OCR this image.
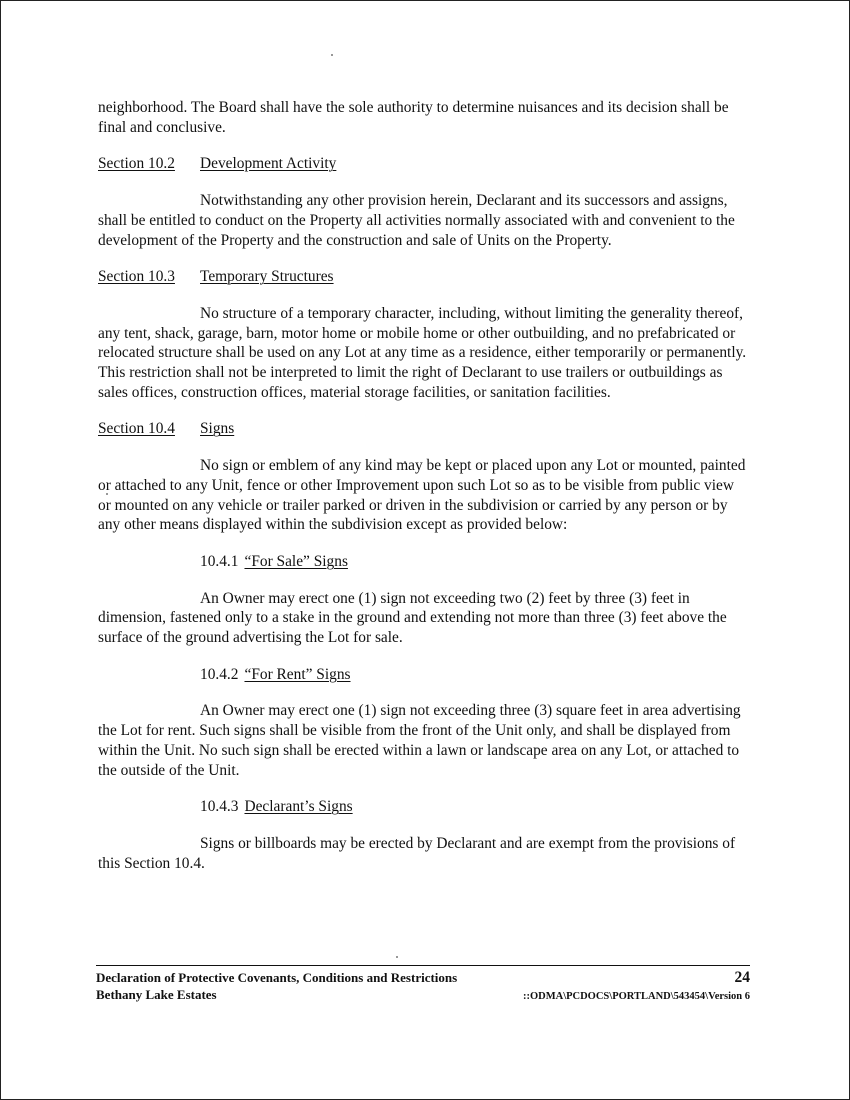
neighborhood. The Board shall have the sole authority to determine nuisances and its decision shall be final and conclusive.

Section 10.2 Development Activity

Notwithstanding any other provision herein, Declarant and its successors and assigns, shall be entitled to conduct on the Property all activities normally associated with and convenient to the development of the Property and the construction and sale of Units on the Property.

Section 10.3 Temporary Structures

No structure of a temporary character, including, without limiting the generality thereof, any tent, shack, garage, barn, motor home or mobile home or other outbuilding, and no prefabricated or relocated structure shall be used on any Lot at any time as a residence, either temporarily or permanently. This restriction shall not be interpreted to limit the right of Declarant to use trailers or outbuildings as sales offices, construction offices, material storage facilities, or sanitation facilities.

Section 10.4 Signs

No sign or emblem of any kind may be kept or placed upon any Lot or mounted, painted or attached to any Unit, fence or other Improvement upon such Lot so as to be visible from public view or mounted on any vehicle or trailer parked or driven in the subdivision or carried by any person or by any other means displayed within the subdivision except as provided below:

10.4.1 “For Sale” Signs

An Owner may erect one (1) sign not exceeding two (2) feet by three (3) feet in dimension, fastened only to a stake in the ground and extending not more than three (3) feet above the surface of the ground advertising the Lot for sale.

10.4.2 “For Rent” Signs

An Owner may erect one (1) sign not exceeding three (3) square feet in area advertising the Lot for rent. Such signs shall be visible from the front of the Unit only, and shall be displayed from within the Unit. No such sign shall be erected within a lawn or landscape area on any Lot, or attached to the outside of the Unit.

10.4.3 Declarant’s Signs

Signs or billboards may be erected by Declarant and are exempt from the provisions of this Section 10.4.

Declaration of Protective Covenants, Conditions and Restrictions	24
Bethany Lake Estates	::ODMA\PCDOCS\PORTLAND\543454\Version 6
